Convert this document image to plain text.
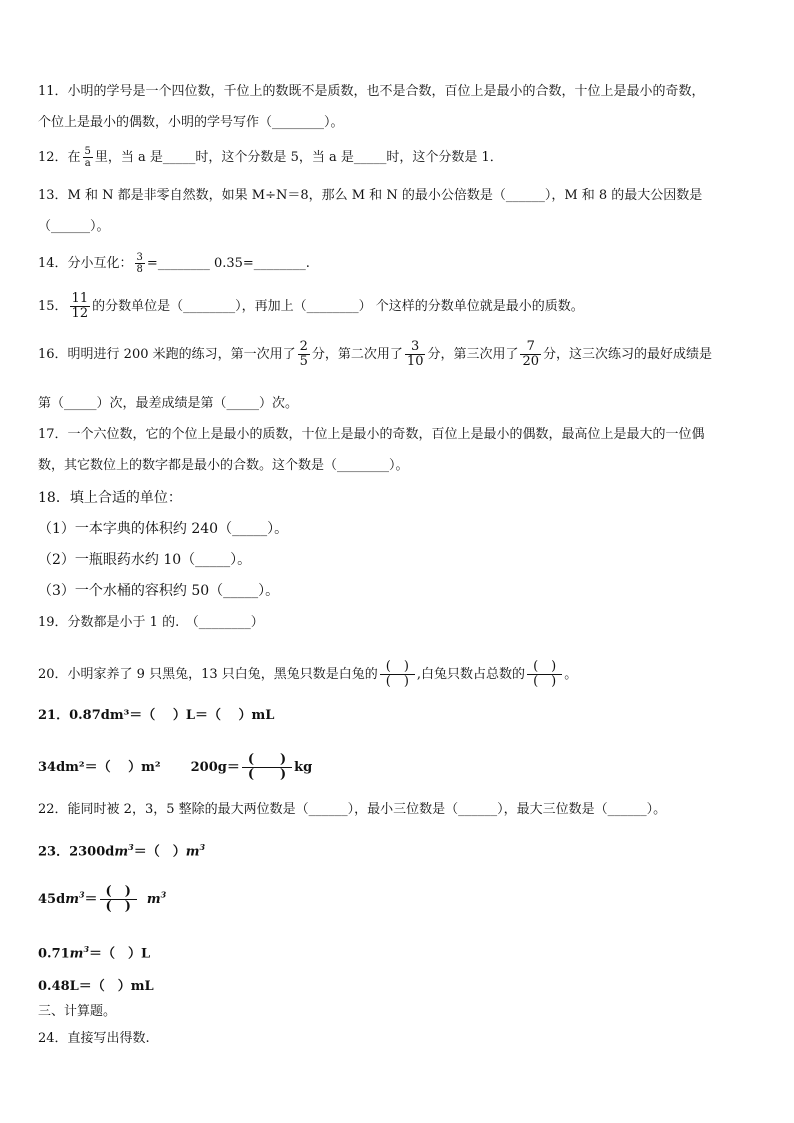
11．小明的学号是一个四位数，千位上的数既不是质数，也不是合数，百位上是最小的合数，十位上是最小的奇数，
个位上是最小的偶数，小明的学号写作（________）。
12．在 $\frac{5}{a}$ 里，当 a 是_____时，这个分数是 5，当 a 是_____时，这个分数是 1．
13．M 和 N 都是非零自然数，如果 M÷N＝8，那么 M 和 N 的最小公倍数是（______），M 和 8 的最大公因数是
（______）。
14．分小互化： $\frac{3}{8}$ =________ 0.35=________.
15． $\frac{11}{12}$ 的分数单位是（________），再加上（________） 个这样的分数单位就是最小的质数。
16．明明进行 200 米跑的练习，第一次用了 $\frac{2}{5}$ 分，第二次用了 $\frac{3}{10}$ 分，第三次用了 $\frac{7}{20}$ 分，这三次练习的最好成绩是
第（_____）次，最差成绩是第（_____）次。
17．一个六位数，它的个位上是最小的质数，十位上是最小的奇数，百位上是最小的偶数，最高位上是最大的一位偶
数，其它数位上的数字都是最小的合数。这个数是（________）。
18．填上合适的单位：
（1）一本字典的体积约 240（_____）。
（2）一瓶眼药水约 10（_____）。
（3）一个水桶的容积约 50（_____）。
19．分数都是小于 1 的.　（________）
20．小明家养了 9 只黑兔，13 只白兔，黑兔只数是白兔的 $\frac{( )}{( )}$ ,白兔只数占总数的 $\frac{( )}{( )}$ 。
21．0.87dm³＝（　 ）L＝（　 ）mL
34dm²＝（　 ）m² $200g= \frac{( )}{( )}$ kg
22．能同时被 2，3，5 整除的最大两位数是（______），最小三位数是（______），最大三位数是（______）。
23．$2300dm^3=$（　）$m^3$
$45dm^3= \frac{( )}{( )} m^3$
$0.71m^3=$（　）L
0.48L＝（　）mL
三、计算题。
24．直接写出得数.
